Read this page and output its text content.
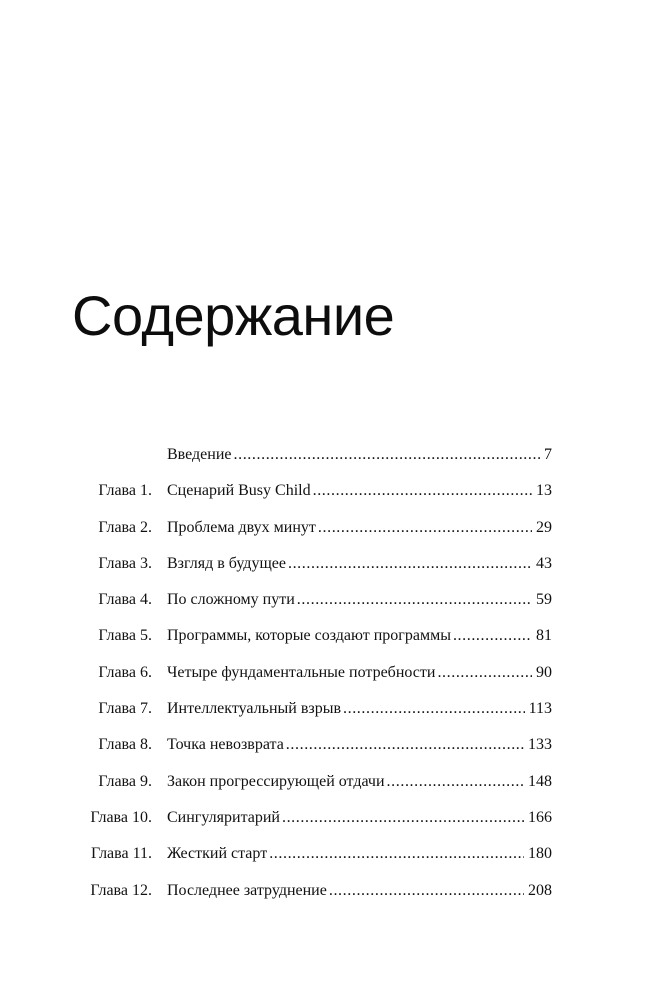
Содержание
Введение .....	7
Глава 1. Сценарий Busy Child .....	13
Глава 2. Проблема двух минут .....	29
Глава 3. Взгляд в будущее .....	43
Глава 4. По сложному пути .....	59
Глава 5. Программы, которые создают программы .....	81
Глава 6. Четыре фундаментальные потребности .....	90
Глава 7. Интеллектуальный взрыв .....	113
Глава 8. Точка невозврата .....	133
Глава 9. Закон прогрессирующей отдачи .....	148
Глава 10. Сингуляритарий .....	166
Глава 11. Жесткий старт .....	180
Глава 12. Последнее затруднение .....	208
